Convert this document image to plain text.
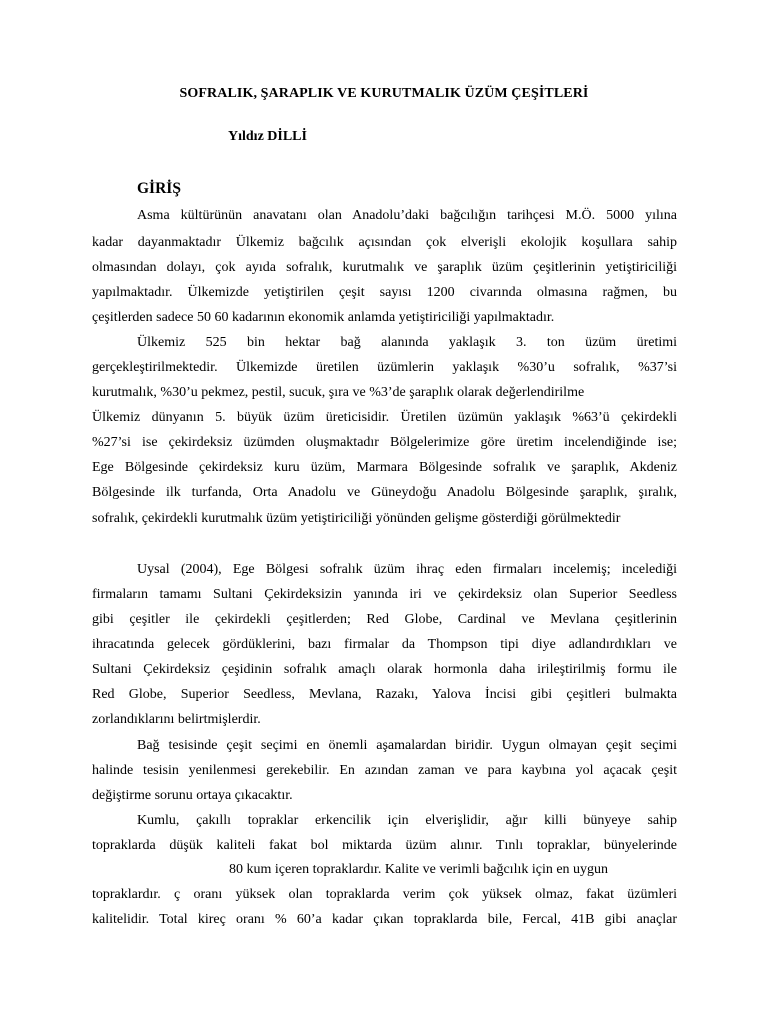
SOFRALIK, ŞARAPLIK VE KURUTMALIK ÜZÜM ÇEŞİTLERİ
Yıldız DİLLİ
GİRİŞ
Asma kültürünün anavatanı olan Anadolu’daki bağcılığın tarihçesi M.Ö. 5000 yılına
kadar dayanmaktadır Ülkemiz bağcılık açısından çok elverişli ekolojik koşullara sahip
olmasından dolayı, çok ayıda sofralık, kurutmalık ve şaraplık üzüm çeşitlerinin yetiştiriciliği
yapılmaktadır. Ülkemizde yetiştirilen çeşit sayısı 1200 civarında olmasına rağmen, bu
çeşitlerden sadece 50 60 kadarının ekonomik anlamda yetiştiriciliği yapılmaktadır.
Ülkemiz 525 bin hektar bağ alanında yaklaşık 3. ton üzüm üretimi
gerçekleştirilmektedir. Ülkemizde üretilen üzümlerin yaklaşık %30’u sofralık, %37’si
kurutmalık, %30’u pekmez, pestil, sucuk, şıra ve %3’de şaraplık olarak değerlendirilme
Ülkemiz dünyanın 5. büyük üzüm üreticisidir. Üretilen üzümün yaklaşık %63’ü çekirdekli
%27’si ise çekirdeksiz üzümden oluşmaktadır Bölgelerimize göre üretim incelendiğinde ise;
Ege Bölgesinde çekirdeksiz kuru üzüm, Marmara Bölgesinde sofralık ve şaraplık, Akdeniz
Bölgesinde ilk turfanda, Orta Anadolu ve Güneydoğu Anadolu Bölgesinde şaraplık, şıralık,
sofralık, çekirdekli kurutmalık üzüm yetiştiriciliği yönünden gelişme gösterdiği görülmektedir
Uysal (2004), Ege Bölgesi sofralık üzüm ihraç eden firmaları incelemiş; incelediği
firmaların tamamı Sultani Çekirdeksizin yanında iri ve çekirdeksiz olan Superior Seedless
gibi çeşitler ile çekirdekli çeşitlerden; Red Globe, Cardinal ve Mevlana çeşitlerinin
ihracatında gelecek gördüklerini, bazı firmalar da Thompson tipi diye adlandırdıkları ve
Sultani Çekirdeksiz çeşidinin sofralık amaçlı olarak hormonla daha irileştirilmiş formu ile
Red Globe, Superior Seedless, Mevlana, Razakı, Yalova İncisi gibi çeşitleri bulmakta
zorlandıklarını belirtmişlerdir.
Bağ tesisinde çeşit seçimi en önemli aşamalardan biridir. Uygun olmayan çeşit seçimi
halinde tesisin yenilenmesi gerekebilir. En azından zaman ve para kaybına yol açacak çeşit
değiştirme sorunu ortaya çıkacaktır.
Kumlu, çakıllı topraklar erkencilik için elverişlidir, ağır killi bünyeye sahip
topraklarda düşük kaliteli fakat bol miktarda üzüm alınır. Tınlı topraklar, bünyelerinde
80 kum içeren topraklardır. Kalite ve verimli bağcılık için en uygun
topraklardır. ç oranı yüksek olan topraklarda verim çok yüksek olmaz, fakat üzümleri
kalitelidir. Total kireç oranı % 60’a kadar çıkan topraklarda bile, Fercal, 41B gibi anaçlar
